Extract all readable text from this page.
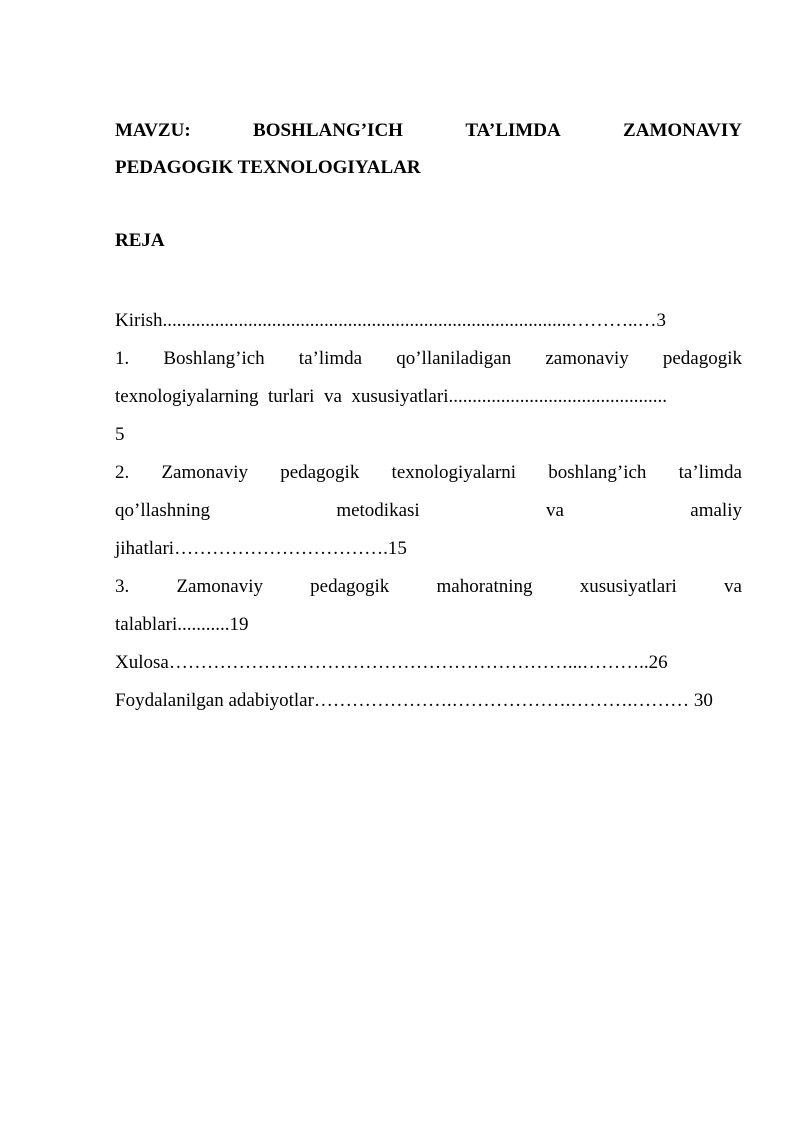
MAVZU:	BOSHLANG’ICH	TA’LIMDA	ZAMONAVIY
PEDAGOGIK TEXNOLOGIYALAR
REJA
Kirish......................................................................................………..…3
1. Boshlang’ich ta’limda qo’llaniladigan zamonaviy pedagogik
texnologiyalarning  turlari  va  xususiyatlari..............................................
5
2. Zamonaviy pedagogik texnologiyalarni boshlang’ich ta’limda
qo’llashning	metodikasi	va	amaliy
jihatlari…………………………….15
3. Zamonaviy pedagogik mahoratning xususiyatlari va
talablari...........19
Xulosa………………………………………………………...………..26
Foydalanilgan adabiyotlar………………….……………….……….……… 30
